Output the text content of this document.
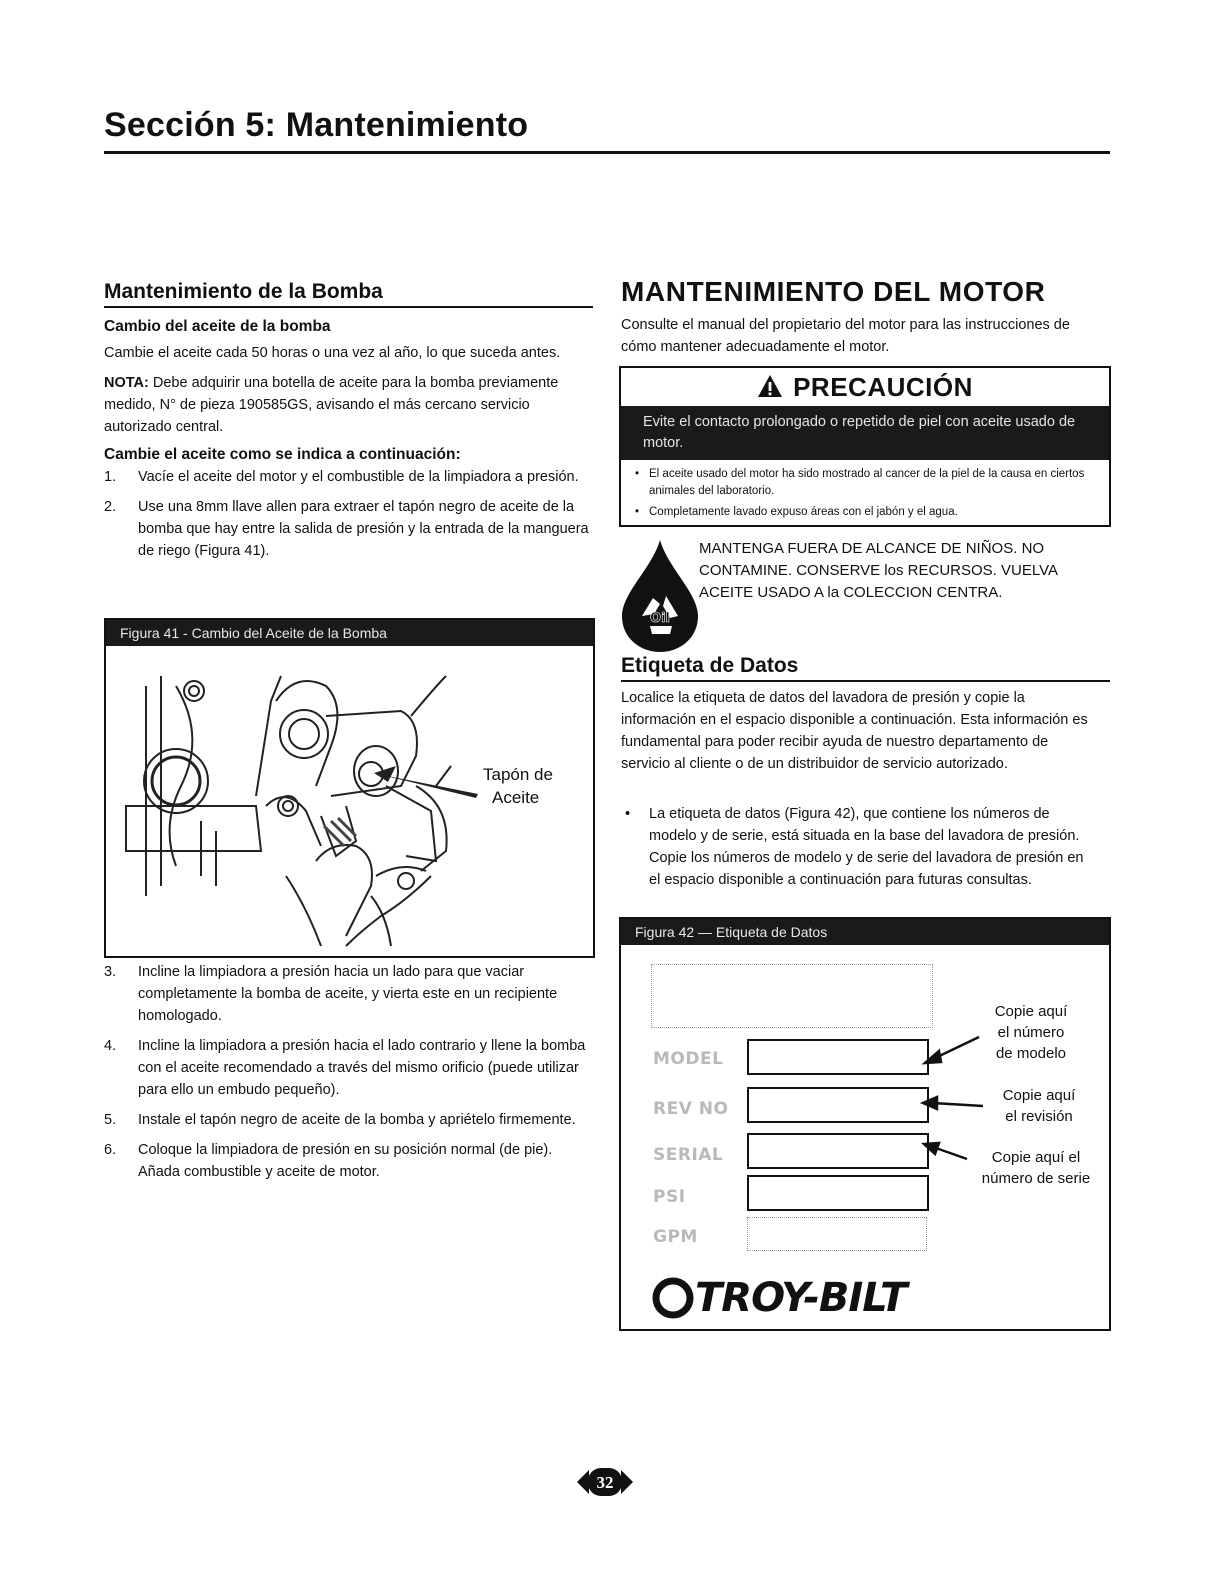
Sección 5: Mantenimiento
Mantenimiento de la Bomba

Cambio del aceite de la bomba

Cambie el aceite cada 50 horas o una vez al año, lo que suceda antes.

NOTA: Debe adquirir una botella de aceite para la bomba previamente medido, N° de pieza 190585GS, avisando el más cercano servicio autorizado central.

Cambie el aceite como se indica a continuación:

1. Vacíe el aceite del motor y el combustible de la limpiadora a presión.
2. Use una 8mm llave allen para extraer el tapón negro de aceite de la bomba que hay entre la salida de presión y la entrada de la manguera de riego (Figura 41).
Figura 41 - Cambio del Aceite de la Bomba
Tapón de
Aceite
3. Incline la limpiadora a presión hacia un lado para que vaciar completamente la bomba de aceite, y vierta este en un recipiente homologado.
4. Incline la limpiadora a presión hacia el lado contrario y llene la bomba con el aceite recomendado a través del mismo orificio (puede utilizar para ello un embudo pequeño).
5. Instale el tapón negro de aceite de la bomba y apriételo firmemente.
6. Coloque la limpiadora de presión en su posición normal (de pie). Añada combustible y aceite de motor.
MANTENIMIENTO DEL MOTOR

Consulte el manual del propietario del motor para las instrucciones de cómo mantener adecuadamente el motor.

PRECAUCIÓN
Evite el contacto prolongado o repetido de piel con aceite usado de motor.
• El aceite usado del motor ha sido mostrado al cancer de la piel de la causa en ciertos animales del laboratorio.
• Completamente lavado expuso áreas con el jabón y el agua.
Oil

MANTENGA FUERA DE ALCANCE DE NIÑOS. NO CONTAMINE. CONSERVE los RECURSOS. VUELVA ACEITE USADO A la COLECCION CENTRA.

Etiqueta de Datos

Localice la etiqueta de datos del lavadora de presión y copie la información en el espacio disponible a continuación. Esta información es fundamental para poder recibir ayuda de nuestro departamento de servicio al cliente o de un distribuidor de servicio autorizado.

• La etiqueta de datos (Figura 42), que contiene los números de modelo y de serie, está situada en la base del lavadora de presión. Copie los números de modelo y de serie del lavadora de presión en el espacio disponible a continuación para futuras consultas.
Figura 42 — Etiqueta de Datos
MODEL
REV NO
SERIAL
PSI
GPM
Copie aquí
el número
de modelo
Copie aquí
el revisión
Copie aquí el
número de serie
TROY-BILT
32
